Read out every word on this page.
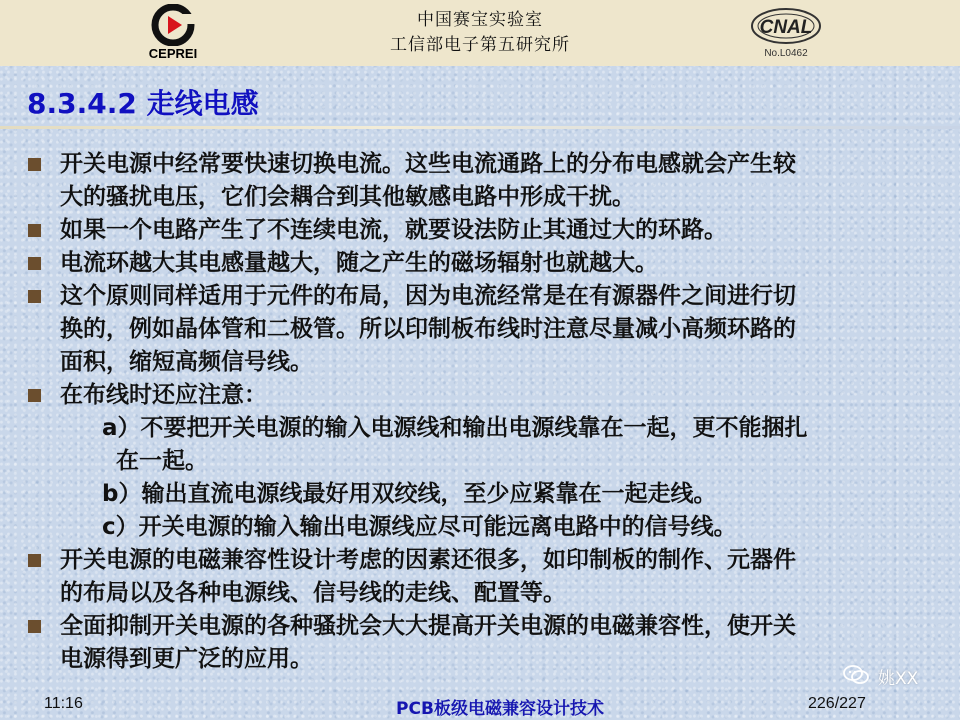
CEPREI
中国赛宝实验室
工信部电子第五研究所
CNAL
No.L0462
8.3.4.2 走线电感
开关电源中经常要快速切换电流。这些电流通路上的分布电感就会产生较
大的骚扰电压，它们会耦合到其他敏感电路中形成干扰。
如果一个电路产生了不连续电流，就要设法防止其通过大的环路。
电流环越大其电感量越大，随之产生的磁场辐射也就越大。
这个原则同样适用于元件的布局，因为电流经常是在有源器件之间进行切
换的，例如晶体管和二极管。所以印制板布线时注意尽量减小高频环路的
面积，缩短高频信号线。
在布线时还应注意：
a）不要把开关电源的输入电源线和输出电源线靠在一起，更不能捆扎
在一起。
b）输出直流电源线最好用双绞线，至少应紧靠在一起走线。
c）开关电源的输入输出电源线应尽可能远离电路中的信号线。
开关电源的电磁兼容性设计考虑的因素还很多，如印制板的制作、元器件
的布局以及各种电源线、信号线的走线、配置等。
全面抑制开关电源的各种骚扰会大大提高开关电源的电磁兼容性，使开关
电源得到更广泛的应用。
姚XX
11:16	PCB板级电磁兼容设计技术	226/227
